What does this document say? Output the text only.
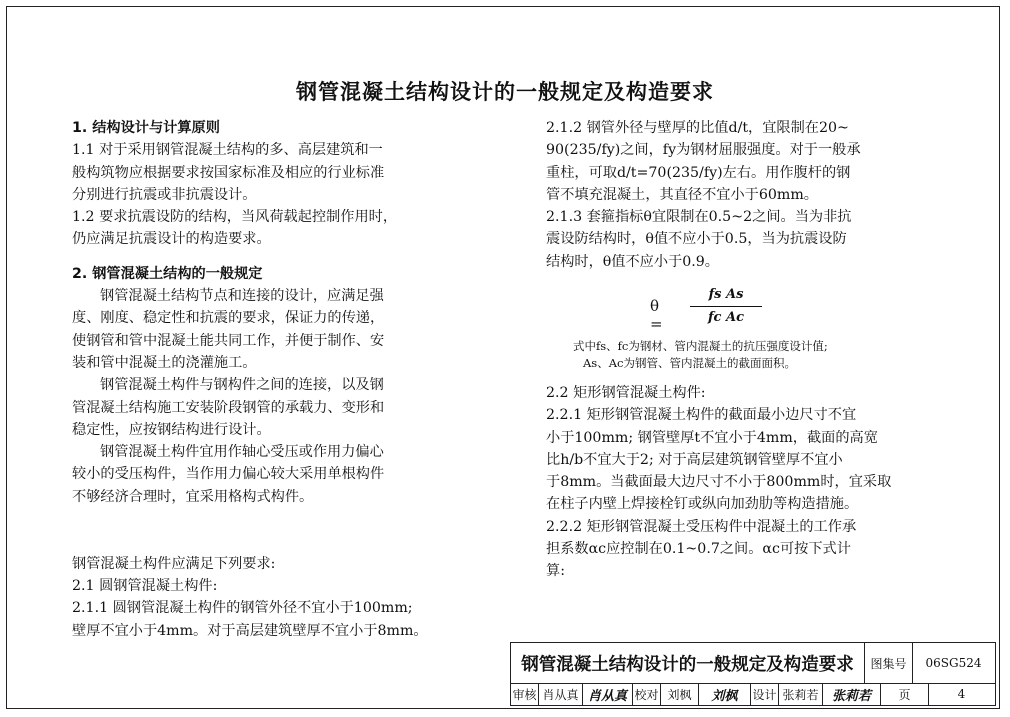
钢管混凝土结构设计的一般规定及构造要求
1. 结构设计与计算原则
1.1 对于采用钢管混凝土结构的多、高层建筑和一
般构筑物应根据要求按国家标准及相应的行业标准
分别进行抗震或非抗震设计。
1.2 要求抗震设防的结构，当风荷载起控制作用时，
仍应满足抗震设计的构造要求。

2. 钢管混凝土结构的一般规定
钢管混凝土结构节点和连接的设计，应满足强
度、刚度、稳定性和抗震的要求，保证力的传递，
使钢管和管中混凝土能共同工作，并便于制作、安
装和管中混凝土的浇灌施工。
钢管混凝土构件与钢构件之间的连接，以及钢
管混凝土结构施工安装阶段钢管的承载力、变形和
稳定性，应按钢结构进行设计。
钢管混凝土构件宜用作轴心受压或作用力偏心
较小的受压构件，当作用力偏心较大采用单根构件
不够经济合理时，宜采用格构式构件。

钢管混凝土构件应满足下列要求:
2.1 圆钢管混凝土构件:
2.1.1 圆钢管混凝土构件的钢管外径不宜小于100mm;
壁厚不宜小于4mm。对于高层建筑壁厚不宜小于8mm。
2.1.2 钢管外径与壁厚的比值d/t，宜限制在20~
90(235/fy)之间，fy为钢材屈服强度。对于一般承
重柱，可取d/t=70(235/fy)左右。用作腹杆的钢
管不填充混凝土，其直径不宜小于60mm。
2.1.3 套箍指标θ宜限制在0.5~2之间。当为非抗
震设防结构时，θ值不应小于0.5，当为抗震设防
结构时，θ值不应小于0.9。
θ =
fs As
fc Ac
式中fs、fc为钢材、管内混凝土的抗压强度设计值;
As、Ac为钢管、管内混凝土的截面面积。
2.2 矩形钢管混凝土构件:
2.2.1 矩形钢管混凝土构件的截面最小边尺寸不宜
小于100mm; 钢管壁厚t不宜小于4mm，截面的高宽
比h/b不宜大于2; 对于高层建筑钢管壁厚不宜小
于8mm。当截面最大边尺寸不小于800mm时，宜采取
在柱子内壁上焊接栓钉或纵向加劲肋等构造措施。
2.2.2 矩形钢管混凝土受压构件中混凝土的工作承
担系数αc应控制在0.1~0.7之间。αc可按下式计
算:
钢管混凝土结构设计的一般规定及构造要求	图集号	06SG524
审核 肖从真 肖从真 校对 刘枫	刘枫	设计 张莉若	张莉若	页	4
